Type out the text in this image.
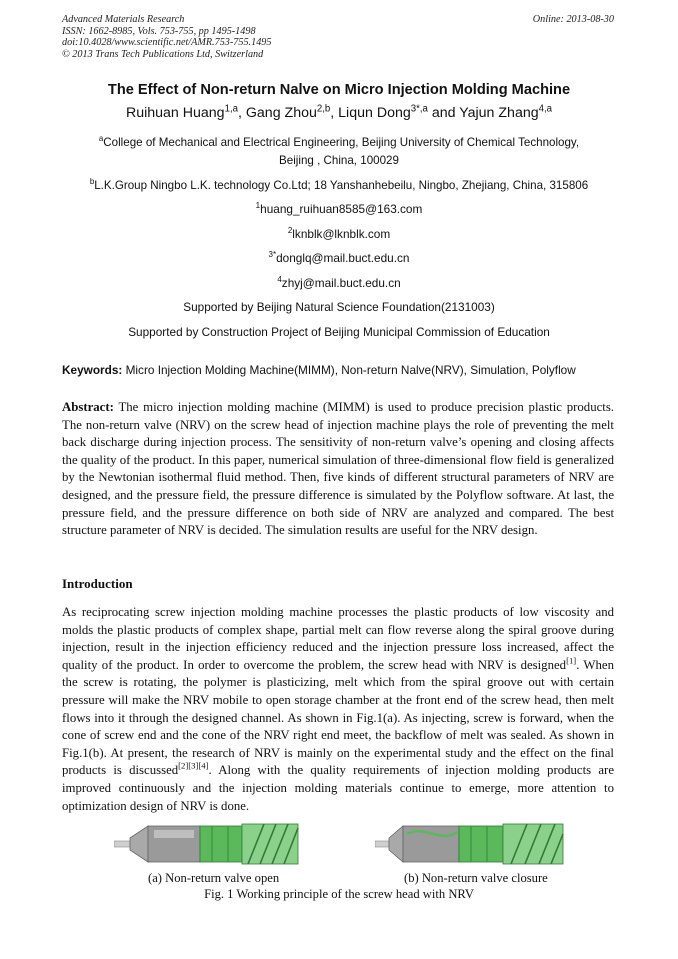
Advanced Materials Research
ISSN: 1662-8985, Vols. 753-755, pp 1495-1498
doi:10.4028/www.scientific.net/AMR.753-755.1495
© 2013 Trans Tech Publications Ltd, Switzerland
Online: 2013-08-30
The Effect of Non-return Nalve on Micro Injection Molding Machine
Ruihuan Huang$^{1,a}$, Gang Zhou$^{2,b}$, Liqun Dong$^{3*,a}$ and Yajun Zhang$^{4,a}$
$^a$College of Mechanical and Electrical Engineering, Beijing University of Chemical Technology,
Beijing , China, 100029
$^b$L.K.Group Ningbo L.K. technology Co.Ltd; 18 Yanshanhebeilu, Ningbo, Zhejiang, China, 315806
$^1$huang_ruihuan8585@163.com
$^2$lknblk@lknblk.com
$^{3*}$donglq@mail.buct.edu.cn
$^4$zhyj@mail.buct.edu.cn
Supported by Beijing Natural Science Foundation(2131003)
Supported by Construction Project of Beijing Municipal Commission of Education
Keywords: Micro Injection Molding Machine(MIMM), Non-return Nalve(NRV), Simulation, Polyflow
Abstract: The micro injection molding machine (MIMM) is used to produce precision plastic products. The non-return valve (NRV) on the screw head of injection machine plays the role of preventing the melt back discharge during injection process. The sensitivity of non-return valve’s opening and closing affects the quality of the product. In this paper, numerical simulation of three-dimensional flow field is generalized by the Newtonian isothermal fluid method. Then, five kinds of different structural parameters of NRV are designed, and the pressure field, the pressure difference is simulated by the Polyflow software. At last, the pressure field, and the pressure difference on both side of NRV are analyzed and compared. The best structure parameter of NRV is decided. The simulation results are useful for the NRV design.
Introduction
As reciprocating screw injection molding machine processes the plastic products of low viscosity and molds the plastic products of complex shape, partial melt can flow reverse along the spiral groove during injection, result in the injection efficiency reduced and the injection pressure loss increased, affect the quality of the product. In order to overcome the problem, the screw head with NRV is designed[1]. When the screw is rotating, the polymer is plasticizing, melt which from the spiral groove out with certain pressure will make the NRV mobile to open storage chamber at the front end of the screw head, then melt flows into it through the designed channel. As shown in Fig.1(a). As injecting, screw is forward, when the cone of screw end and the cone of the NRV right end meet, the backflow of melt was sealed. As shown in Fig.1(b). At present, the research of NRV is mainly on the experimental study and the effect on the final products is discussed[2][3][4]. Along with the quality requirements of injection molding products are improved continuously and the injection molding materials continue to emerge, more attention to optimization design of NRV is done.
(a) Non-return valve open	(b) Non-return valve closure
Fig. 1 Working principle of the screw head with NRV
